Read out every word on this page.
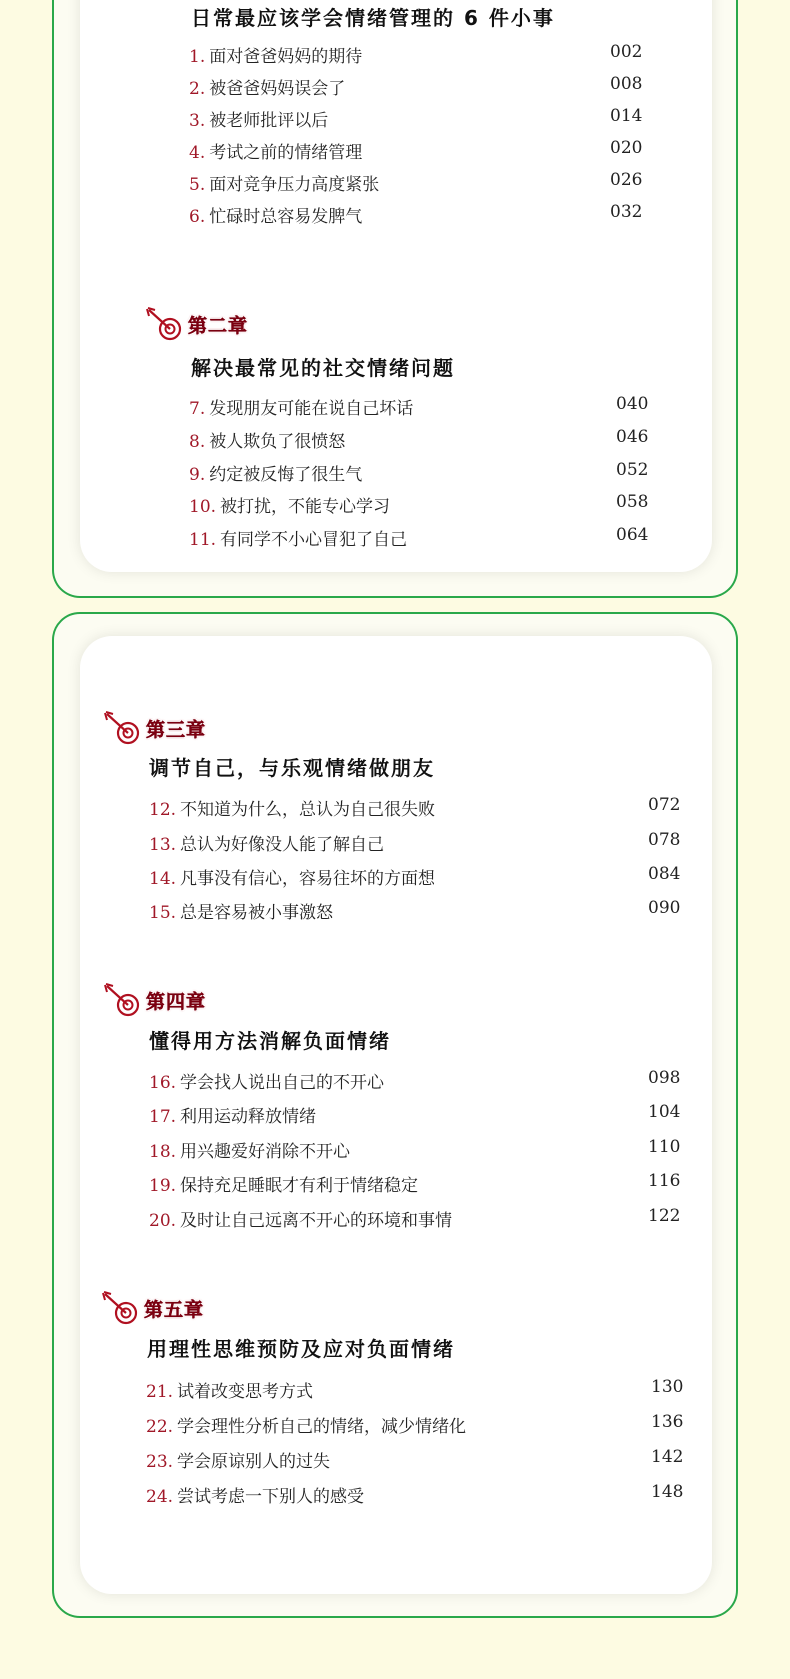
日常最应该学会情绪管理的 6 件小事
1. 面对爸爸妈妈的期待	002
2. 被爸爸妈妈误会了	008
3. 被老师批评以后	014
4. 考试之前的情绪管理	020
5. 面对竞争压力高度紧张	026
6. 忙碌时总容易发脾气	032
第二章
解决最常见的社交情绪问题
7. 发现朋友可能在说自己坏话	040
8. 被人欺负了很愤怒	046
9. 约定被反悔了很生气	052
10. 被打扰，不能专心学习	058
11. 有同学不小心冒犯了自己	064
第三章
调节自己，与乐观情绪做朋友
12. 不知道为什么，总认为自己很失败	072
13. 总认为好像没人能了解自己	078
14. 凡事没有信心，容易往坏的方面想	084
15. 总是容易被小事激怒	090
第四章
懂得用方法消解负面情绪
16. 学会找人说出自己的不开心	098
17. 利用运动释放情绪	104
18. 用兴趣爱好消除不开心	110
19. 保持充足睡眠才有利于情绪稳定	116
20. 及时让自己远离不开心的环境和事情	122
第五章
用理性思维预防及应对负面情绪
21. 试着改变思考方式	130
22. 学会理性分析自己的情绪，减少情绪化	136
23. 学会原谅别人的过失	142
24. 尝试考虑一下别人的感受	148
